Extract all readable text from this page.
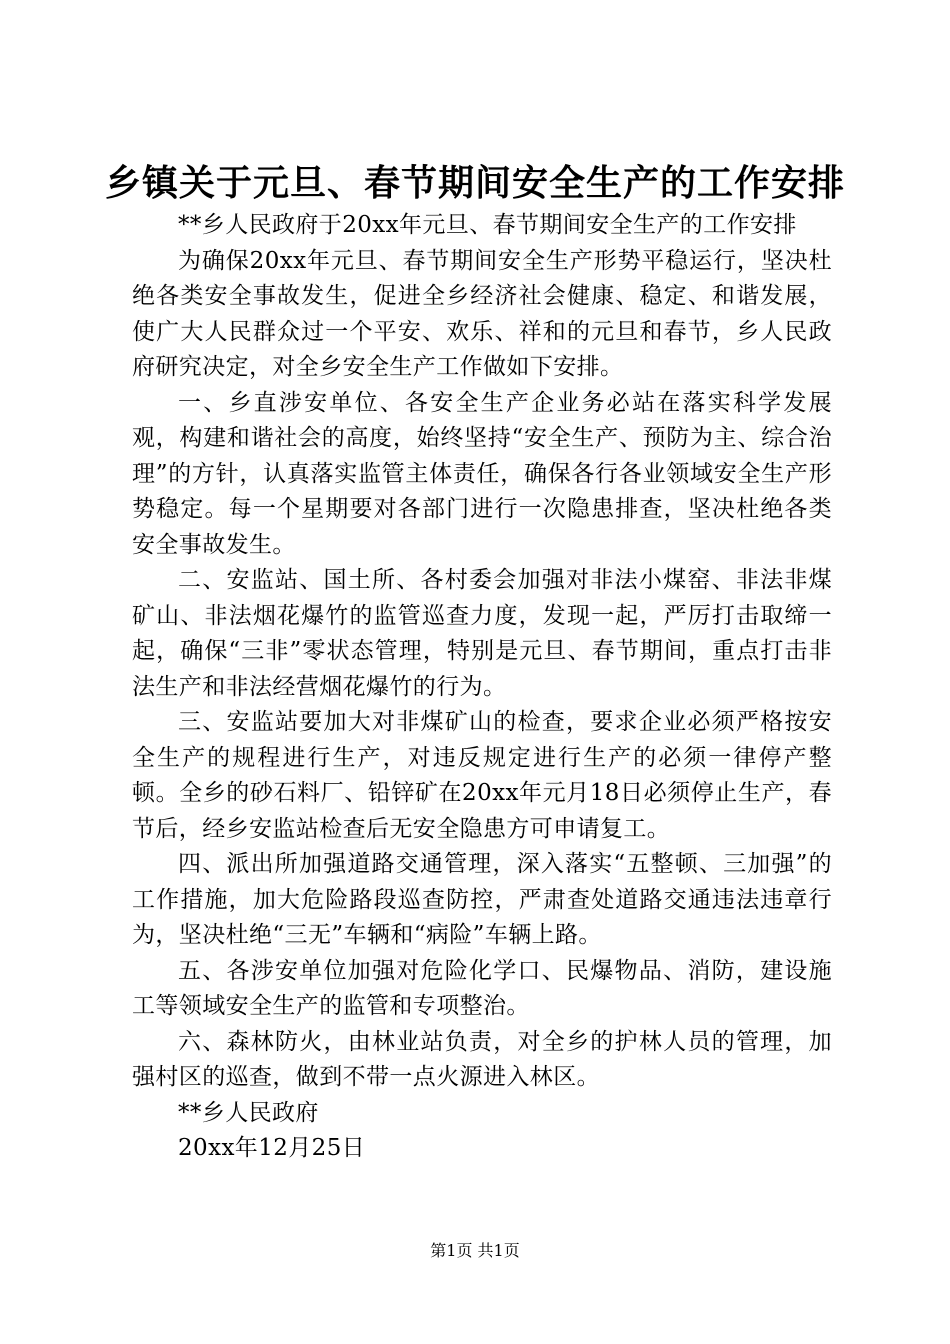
乡镇关于元旦、春节期间安全生产的工作安排

**乡人民政府于20xx年元旦、春节期间安全生产的工作安排

为确保20xx年元旦、春节期间安全生产形势平稳运行，坚决杜绝各类安全事故发生，促进全乡经济社会健康、稳定、和谐发展，使广大人民群众过一个平安、欢乐、祥和的元旦和春节，乡人民政府研究决定，对全乡安全生产工作做如下安排。

一、乡直涉安单位、各安全生产企业务必站在落实科学发展观，构建和谐社会的高度，始终坚持“安全生产、预防为主、综合治理”的方针，认真落实监管主体责任，确保各行各业领域安全生产形势稳定。每一个星期要对各部门进行一次隐患排查，坚决杜绝各类安全事故发生。

二、安监站、国土所、各村委会加强对非法小煤窑、非法非煤矿山、非法烟花爆竹的监管巡查力度，发现一起，严厉打击取缔一起，确保“三非”零状态管理，特别是元旦、春节期间，重点打击非法生产和非法经营烟花爆竹的行为。

三、安监站要加大对非煤矿山的检查，要求企业必须严格按安全生产的规程进行生产，对违反规定进行生产的必须一律停产整顿。全乡的砂石料厂、铅锌矿在20xx年元月18日必须停止生产，春节后，经乡安监站检查后无安全隐患方可申请复工。

四、派出所加强道路交通管理，深入落实“五整顿、三加强”的工作措施，加大危险路段巡查防控，严肃查处道路交通违法违章行为，坚决杜绝“三无”车辆和“病险”车辆上路。

五、各涉安单位加强对危险化学口、民爆物品、消防，建设施工等领域安全生产的监管和专项整治。

六、森林防火，由林业站负责，对全乡的护林人员的管理，加强村区的巡查，做到不带一点火源进入林区。

**乡人民政府

20xx年12月25日

第1页 共1页
